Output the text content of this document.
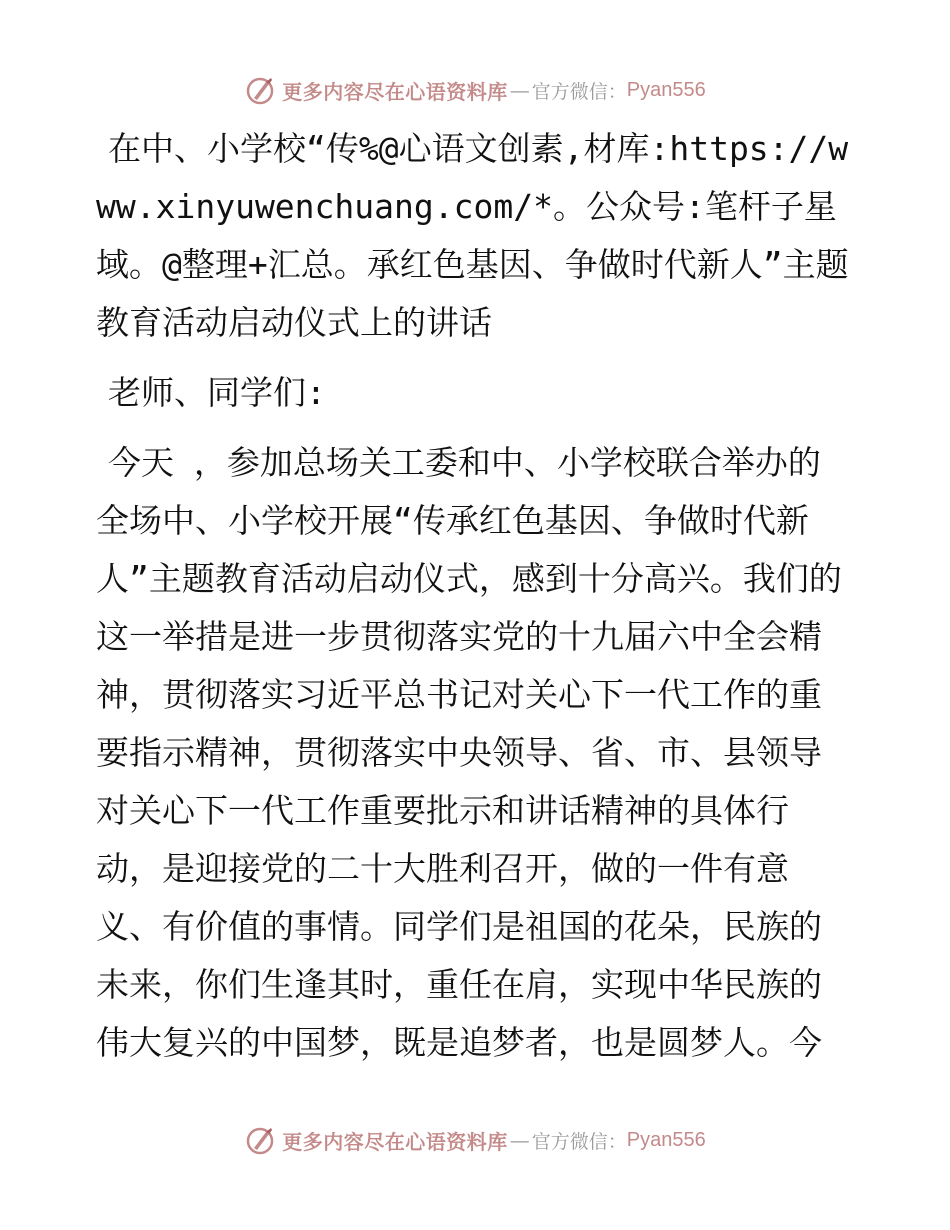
更多内容尽在心语资料库 — 官方微信： Pyan556

在中、小学校“传%@心语文创素,材库:https://www.xinyuwenchuang.com/*。公众号:笔杆子星域。@整理+汇总。承红色基因、争做时代新人”主题教育活动启动仪式上的讲话

老师、同学们:

今天 ，参加总场关工委和中、小学校联合举办的全场中、小学校开展“传承红色基因、争做时代新人”主题教育活动启动仪式，感到十分高兴。我们的这一举措是进一步贯彻落实党的十九届六中全会精神，贯彻落实习近平总书记对关心下一代工作的重要指示精神，贯彻落实中央领导、省、市、县领导对关心下一代工作重要批示和讲话精神的具体行动，是迎接党的二十大胜利召开，做的一件有意义、有价值的事情。同学们是祖国的花朵，民族的未来，你们生逢其时，重任在肩，实现中华民族的伟大复兴的中国梦，既是追梦者，也是圆梦人。今

更多内容尽在心语资料库 — 官方微信： Pyan556
